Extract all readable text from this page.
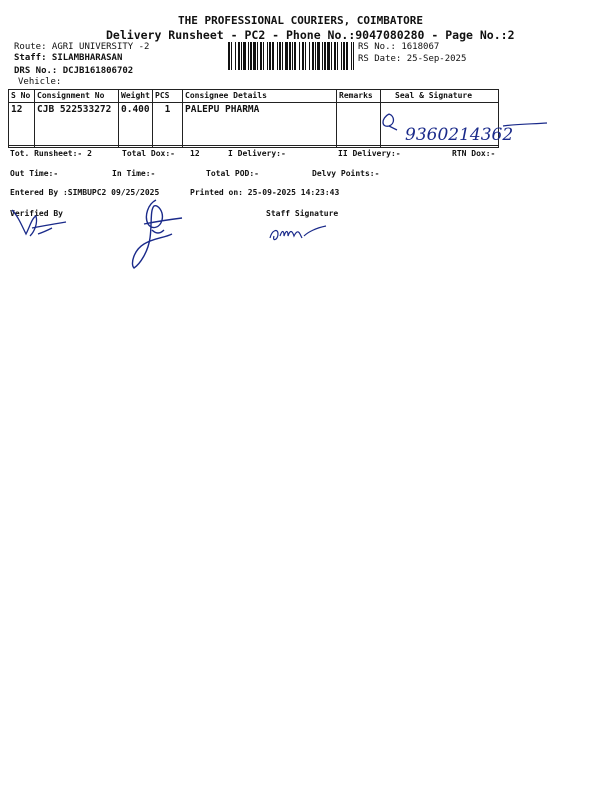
THE PROFESSIONAL COURIERS, COIMBATORE
Delivery Runsheet - PC2 - Phone No.:9047080280 - Page No.:2
Route: AGRI UNIVERSITY -2
Staff: SILAMBHARASAN
DRS No.: DCJB161806702
Vehicle:
RS No.: 1618067
RS Date: 25-Sep-2025
S No	Consignment No	Weight	PCS	Consignee Details	Remarks	Seal & Signature
12	CJB 522533272	0.400	1	PALEPU PHARMA		
9360214362
Tot. Runsheet:- 2	Total Dox:- 12	I Delivery:-	II Delivery:-	RTN Dox:-
Out Time:-	In Time:-	Total POD:-	Delvy Points:-
Entered By :SIMBUPC2 09/25/2025	Printed on: 25-09-2025 14:23:43
Verified By	Staff Signature
